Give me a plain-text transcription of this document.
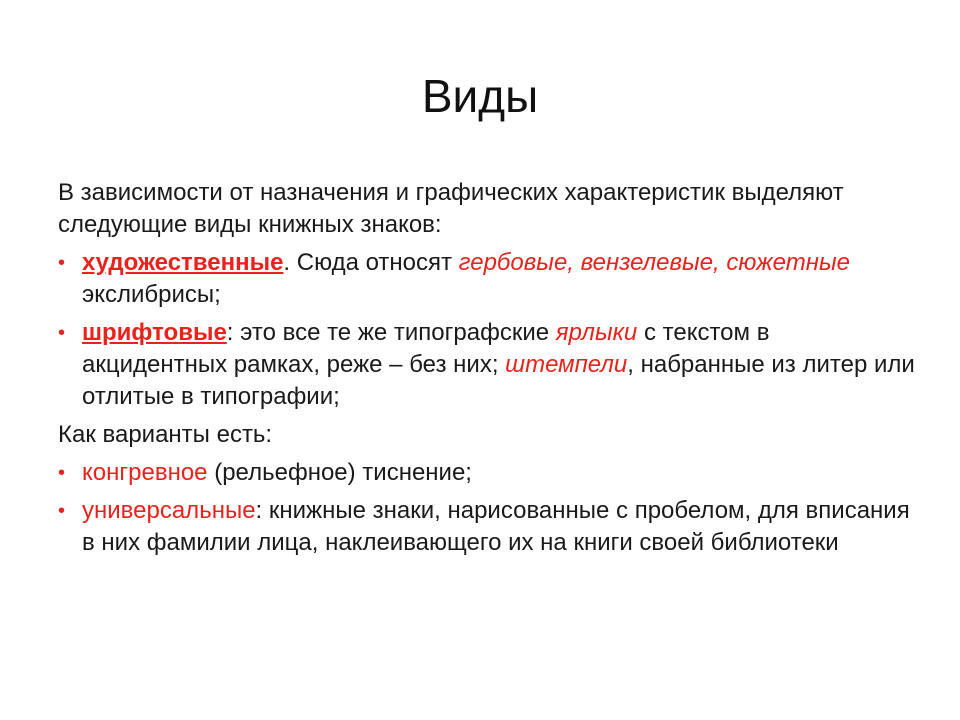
Виды

В зависимости от назначения и графических характеристик выделяют следующие виды книжных знаков:

• художественные. Сюда относят гербовые, вензелевые, сюжетные экслибрисы;
• шрифтовые: это все те же типографские ярлыки с текстом в акцидентных рамках, реже – без них; штемпели, набранные из литер или отлитые в типографии;

Как варианты есть:

• конгревное (рельефное) тиснение;
• универсальные: книжные знаки, нарисованные с пробелом, для вписания в них фамилии лица, наклеивающего их на книги своей библиотеки
